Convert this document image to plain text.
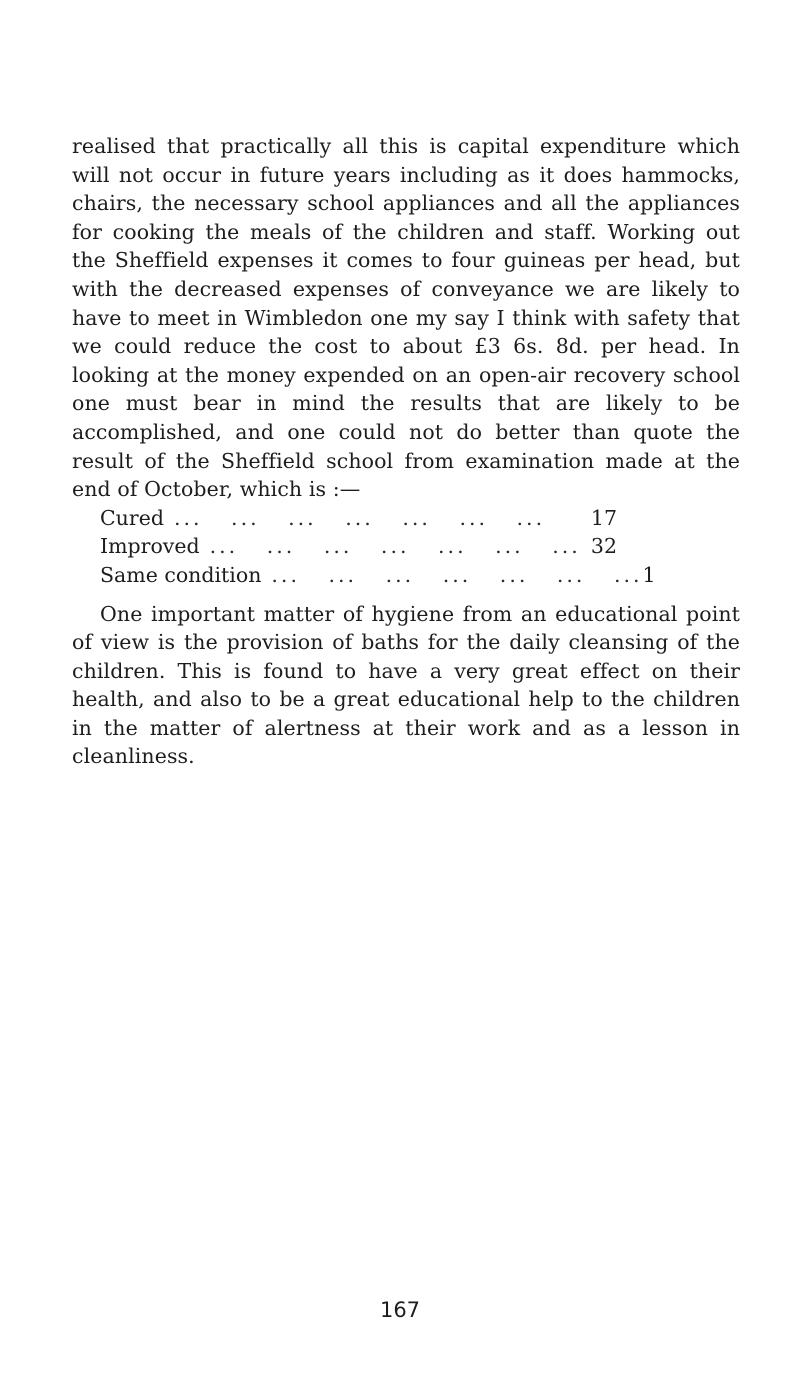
realised that practically all this is capital expenditure which will not occur in future years including as it does hammocks, chairs, the necessary school appliances and all the appliances for cooking the meals of the children and staff. Working out the Sheffield expenses it comes to four guineas per head, but with the decreased expenses of conveyance we are likely to have to meet in Wimbledon one my say I think with safety that we could reduce the cost to about £3 6s. 8d. per head. In looking at the money expended on an open-air recovery school one must bear in mind the results that are likely to be accomplished, and one could not do better than quote the result of the Sheffield school from examination made at the end of October, which is :—

Cured ...   ...   ...   ...   ...   ...   ...	17
Improved ...   ...   ...   ...   ...   ...   ... 32
Same condition ...   ...   ...   ...   ...   ...   ... 1

One important matter of hygiene from an educational point of view is the provision of baths for the daily cleansing of the children. This is found to have a very great effect on their health, and also to be a great educational help to the children in the matter of alertness at their work and as a lesson in cleanliness.

167
